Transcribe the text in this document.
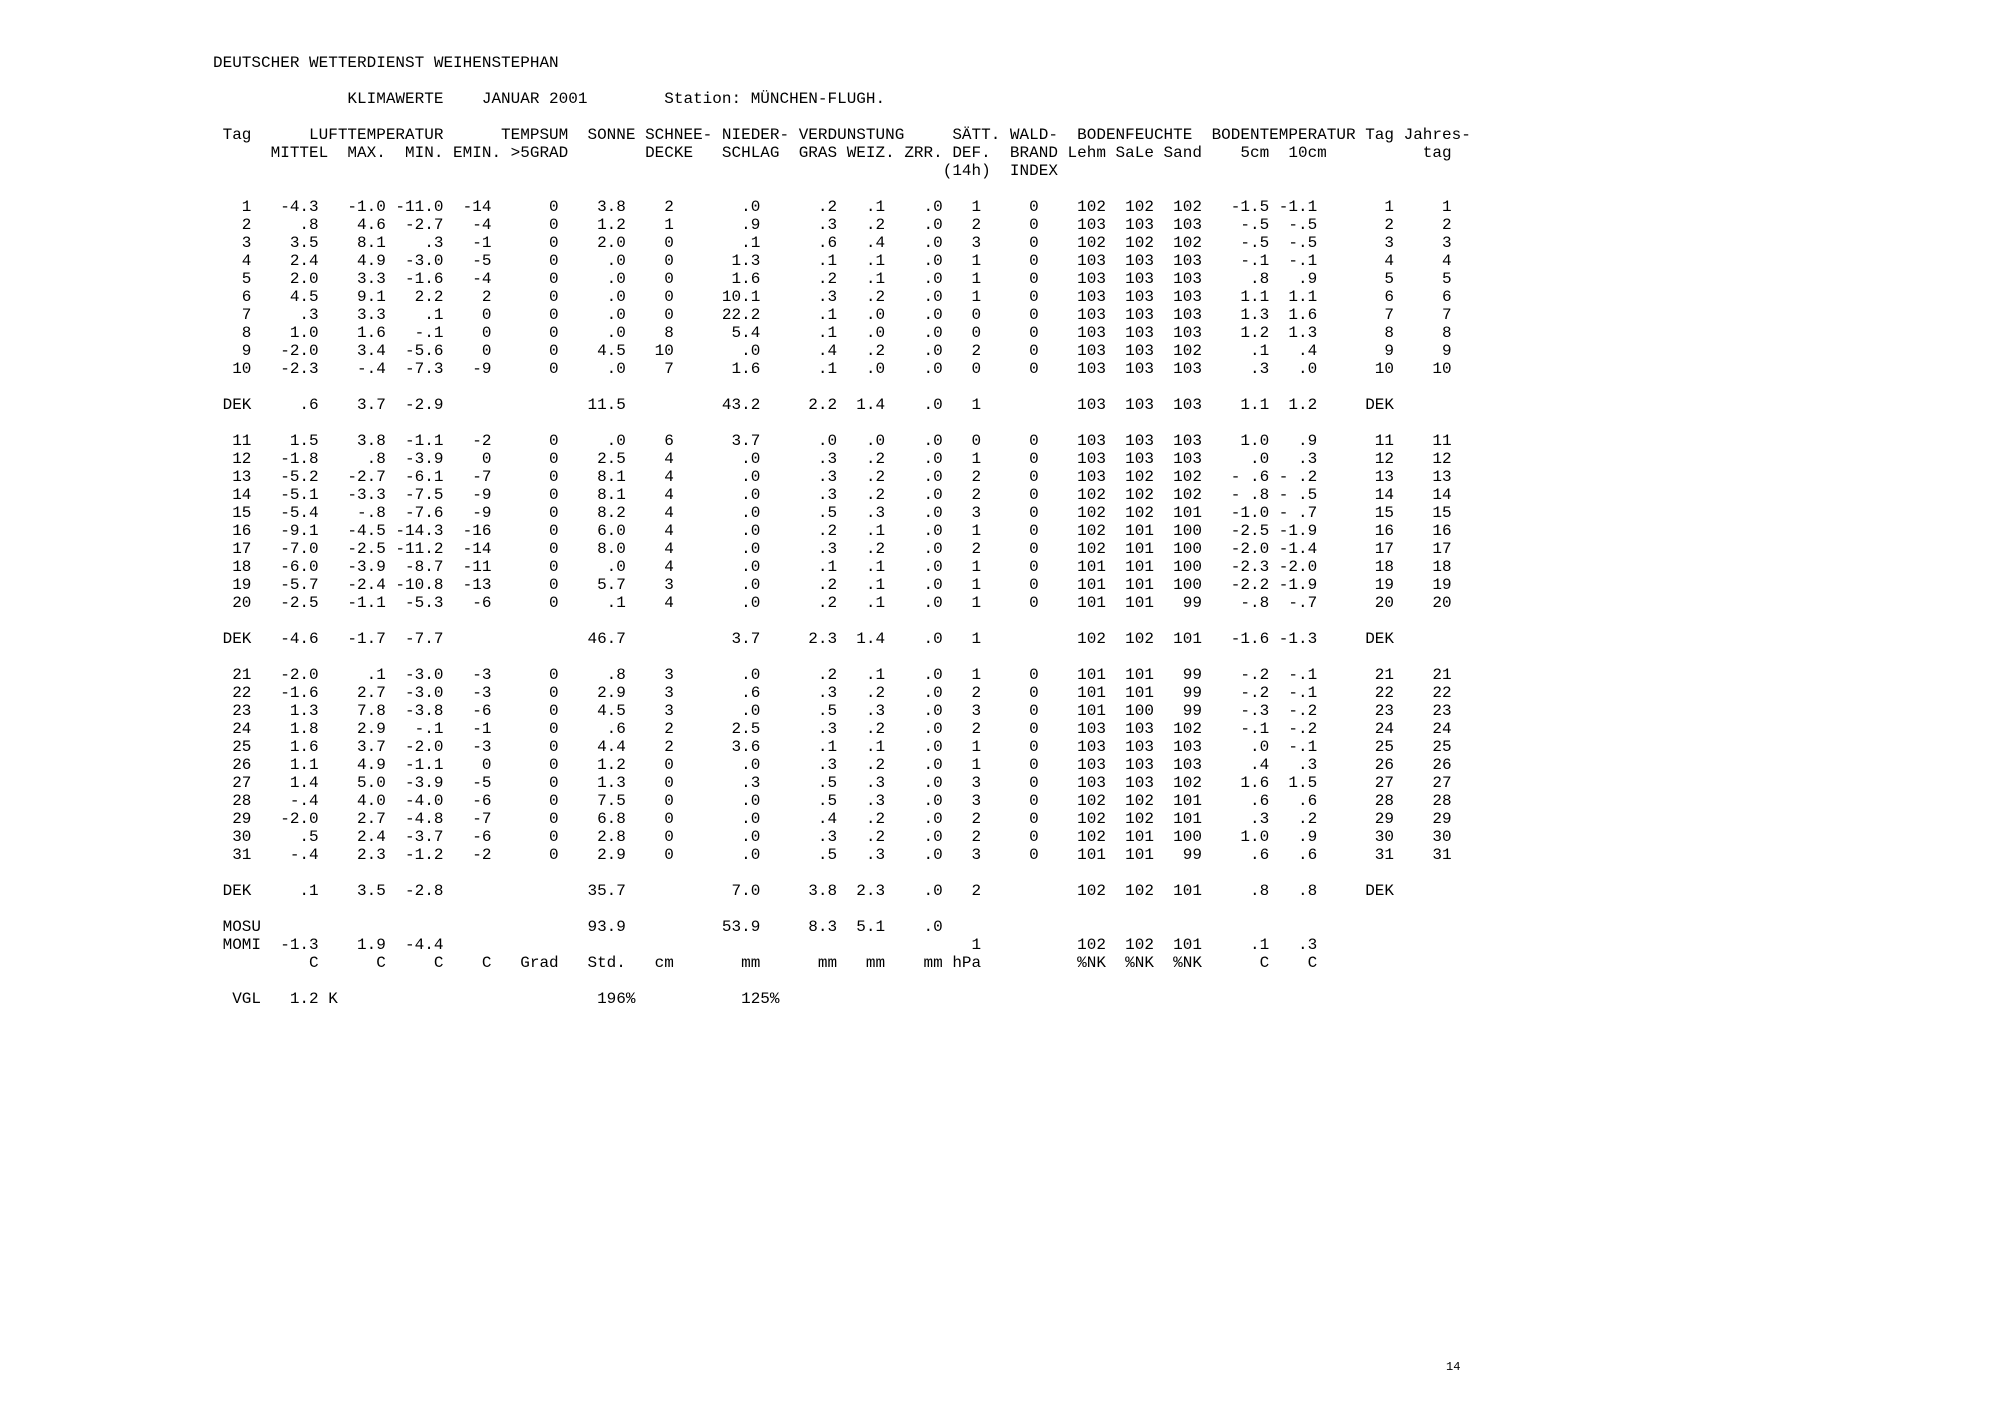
DEUTSCHER WETTERDIENST WEIHENSTEPHAN
KLIMAWERTE    JANUAR 2001        Station: MÜNCHEN-FLUGH.
Tag      LUFTTEMPERATUR      TEMPSUM  SONNE SCHNEE- NIEDER- VERDUNSTUNG     SÄTT. WALD-  BODENFEUCHTE  BODENTEMPERATUR Tag Jahres-
MITTEL  MAX.  MIN. EMIN. >5GRAD        DECKE   SCHLAG  GRAS WEIZ. ZRR. DEF.  BRAND Lehm SaLe Sand    5cm  10cm          tag
(14h)  INDEX
1   -4.3   -1.0 -11.0  -14      0    3.8    2       .0      .2   .1    .0   1     0    102  102  102   -1.5 -1.1       1     1
2     .8    4.6  -2.7   -4      0    1.2    1       .9      .3   .2    .0   2     0    103  103  103    -.5  -.5       2     2
3    3.5    8.1    .3   -1      0    2.0    0       .1      .6   .4    .0   3     0    102  102  102    -.5  -.5       3     3
4    2.4    4.9  -3.0   -5      0     .0    0      1.3      .1   .1    .0   1     0    103  103  103    -.1  -.1       4     4
5    2.0    3.3  -1.6   -4      0     .0    0      1.6      .2   .1    .0   1     0    103  103  103     .8   .9       5     5
6    4.5    9.1   2.2    2      0     .0    0     10.1      .3   .2    .0   1     0    103  103  103    1.1  1.1       6     6
7     .3    3.3    .1    0      0     .0    0     22.2      .1   .0    .0   0     0    103  103  103    1.3  1.6       7     7
8    1.0    1.6   -.1    0      0     .0    8      5.4      .1   .0    .0   0     0    103  103  103    1.2  1.3       8     8
9   -2.0    3.4  -5.6    0      0    4.5   10       .0      .4   .2    .0   2     0    103  103  102     .1   .4       9     9
10   -2.3    -.4  -7.3   -9      0     .0    7      1.6      .1   .0    .0   0     0    103  103  103     .3   .0      10    10
DEK     .6    3.7  -2.9               11.5          43.2     2.2  1.4    .0   1          103  103  103    1.1  1.2     DEK
11    1.5    3.8  -1.1   -2      0     .0    6      3.7      .0   .0    .0   0     0    103  103  103    1.0   .9      11    11
12   -1.8     .8  -3.9    0      0    2.5    4       .0      .3   .2    .0   1     0    103  103  103     .0   .3      12    12
13   -5.2   -2.7  -6.1   -7      0    8.1    4       .0      .3   .2    .0   2     0    103  102  102   - .6 - .2      13    13
14   -5.1   -3.3  -7.5   -9      0    8.1    4       .0      .3   .2    .0   2     0    102  102  102   - .8 - .5      14    14
15   -5.4    -.8  -7.6   -9      0    8.2    4       .0      .5   .3    .0   3     0    102  102  101   -1.0 - .7      15    15
16   -9.1   -4.5 -14.3  -16      0    6.0    4       .0      .2   .1    .0   1     0    102  101  100   -2.5 -1.9      16    16
17   -7.0   -2.5 -11.2  -14      0    8.0    4       .0      .3   .2    .0   2     0    102  101  100   -2.0 -1.4      17    17
18   -6.0   -3.9  -8.7  -11      0     .0    4       .0      .1   .1    .0   1     0    101  101  100   -2.3 -2.0      18    18
19   -5.7   -2.4 -10.8  -13      0    5.7    3       .0      .2   .1    .0   1     0    101  101  100   -2.2 -1.9      19    19
20   -2.5   -1.1  -5.3   -6      0     .1    4       .0      .2   .1    .0   1     0    101  101   99    -.8  -.7      20    20
DEK   -4.6   -1.7  -7.7               46.7           3.7     2.3  1.4    .0   1          102  102  101   -1.6 -1.3     DEK
21   -2.0     .1  -3.0   -3      0     .8    3       .0      .2   .1    .0   1     0    101  101   99    -.2  -.1      21    21
22   -1.6    2.7  -3.0   -3      0    2.9    3       .6      .3   .2    .0   2     0    101  101   99    -.2  -.1      22    22
23    1.3    7.8  -3.8   -6      0    4.5    3       .0      .5   .3    .0   3     0    101  100   99    -.3  -.2      23    23
24    1.8    2.9   -.1   -1      0     .6    2      2.5      .3   .2    .0   2     0    103  103  102    -.1  -.2      24    24
25    1.6    3.7  -2.0   -3      0    4.4    2      3.6      .1   .1    .0   1     0    103  103  103     .0  -.1      25    25
26    1.1    4.9  -1.1    0      0    1.2    0       .0      .3   .2    .0   1     0    103  103  103     .4   .3      26    26
27    1.4    5.0  -3.9   -5      0    1.3    0       .3      .5   .3    .0   3     0    103  103  102    1.6  1.5      27    27
28    -.4    4.0  -4.0   -6      0    7.5    0       .0      .5   .3    .0   3     0    102  102  101     .6   .6      28    28
29   -2.0    2.7  -4.8   -7      0    6.8    0       .0      .4   .2    .0   2     0    102  102  101     .3   .2      29    29
30     .5    2.4  -3.7   -6      0    2.8    0       .0      .3   .2    .0   2     0    102  101  100    1.0   .9      30    30
31    -.4    2.3  -1.2   -2      0    2.9    0       .0      .5   .3    .0   3     0    101  101   99     .6   .6      31    31
DEK     .1    3.5  -2.8               35.7           7.0     3.8  2.3    .0   2          102  102  101     .8   .8     DEK
MOSU                                  93.9          53.9     8.3  5.1    .0
MOMI  -1.3    1.9  -4.4                                                       1          102  102  101     .1   .3
C      C     C    C   Grad   Std.   cm       mm      mm   mm    mm hPa          %NK  %NK  %NK      C    C
VGL   1.2 K                           196%           125%
14
